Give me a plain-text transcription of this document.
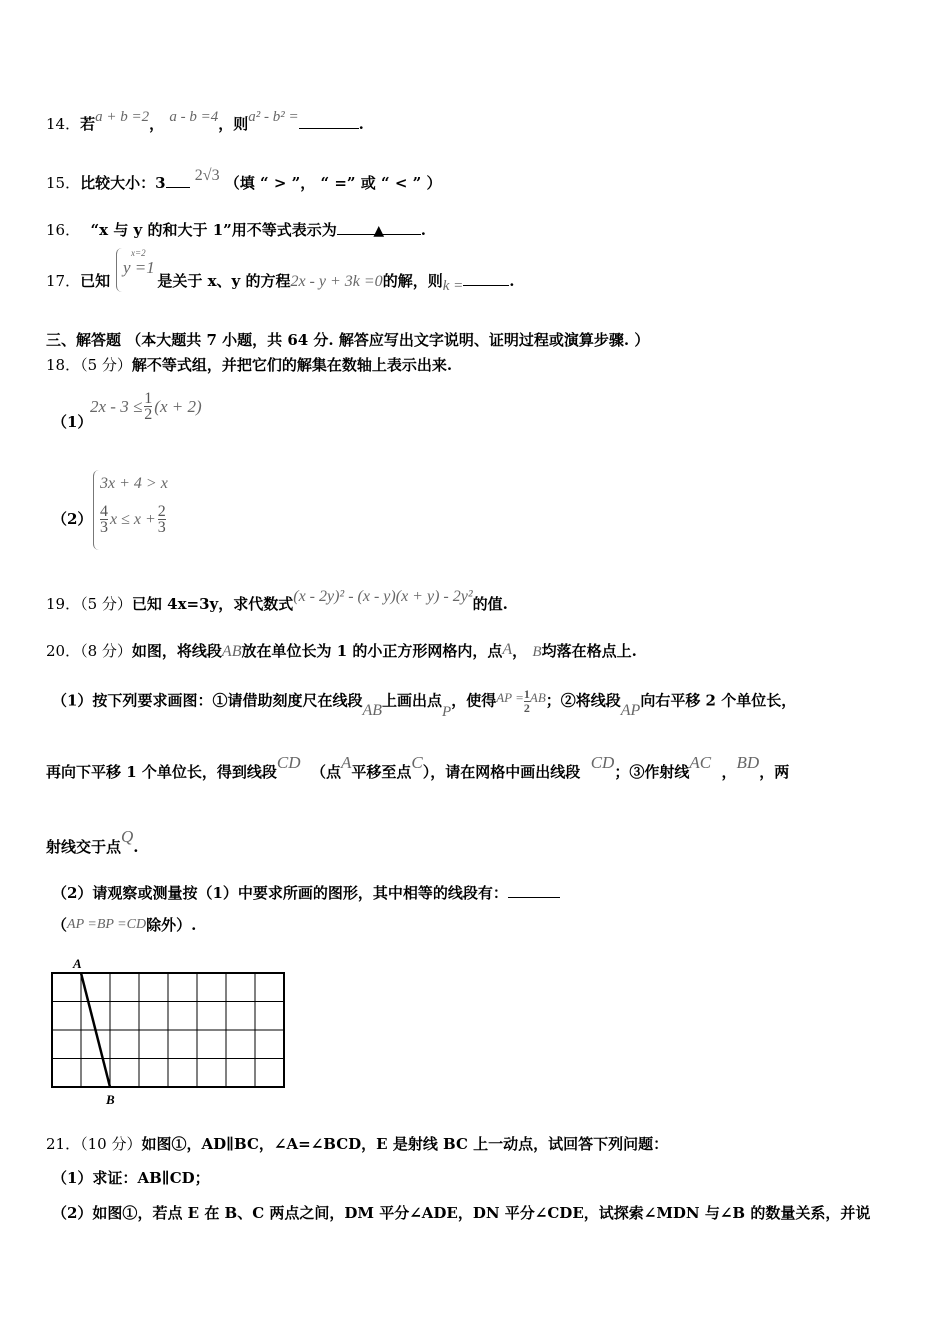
14．若a + b =2， a - b =4，则a² - b² =	.
15．比较大小：3 2√3 （填 “ > ”， “ =” 或 “ < ” ）
16． “x 与 y 的和大于 1”用不等式表示为	▲ .
17．已知	是关于 x、y 的方程2x - y + 3k =0的解，则k =	.
x=2
y =1
三、解答题 （本大题共 7 小题，共 64 分. 解答应写出文字说明、证明过程或演算步骤. ）
18．（5 分）解不等式组，并把它们的解集在数轴上表示出来.
（1）
$2x - 3 \le \frac{1}{2} (x + 2)$
（2）
3x + 4 > x
$\frac{4}{3}$ $x \le x + \frac{2}{3}$
19．（5 分）已知 4x=3y，求代数式(x - 2y)² - (x - y)(x + y) - 2y²的值.
20．（8 分）如图，将线段AB放在单位长为 1 的小正方形网格内，点A， B均落在格点上.
（1）按下列要求画图：①请借助刻度尺在线段AB上画出点P，使得AP = $\frac{1}{2}$ AB；②将线段AP向右平移 2 个单位长，
再向下平移 1 个单位长，得到线段CD （点A平移至点C），请在网格中画出线段 CD；③作射线AC ，BD，两
射线交于点Q.
（2）请观察或测量按（1）中要求所画的图形，其中相等的线段有：
（AP =BP =CD除外）.
A
B
21．（10 分）如图①，AD∥BC，∠A=∠BCD，E 是射线 BC 上一动点，试回答下列问题：
（1）求证：AB∥CD；
（2）如图①，若点 E 在 B、C 两点之间，DM 平分∠ADE，DN 平分∠CDE，试探索∠MDN 与∠B 的数量关系，并说
